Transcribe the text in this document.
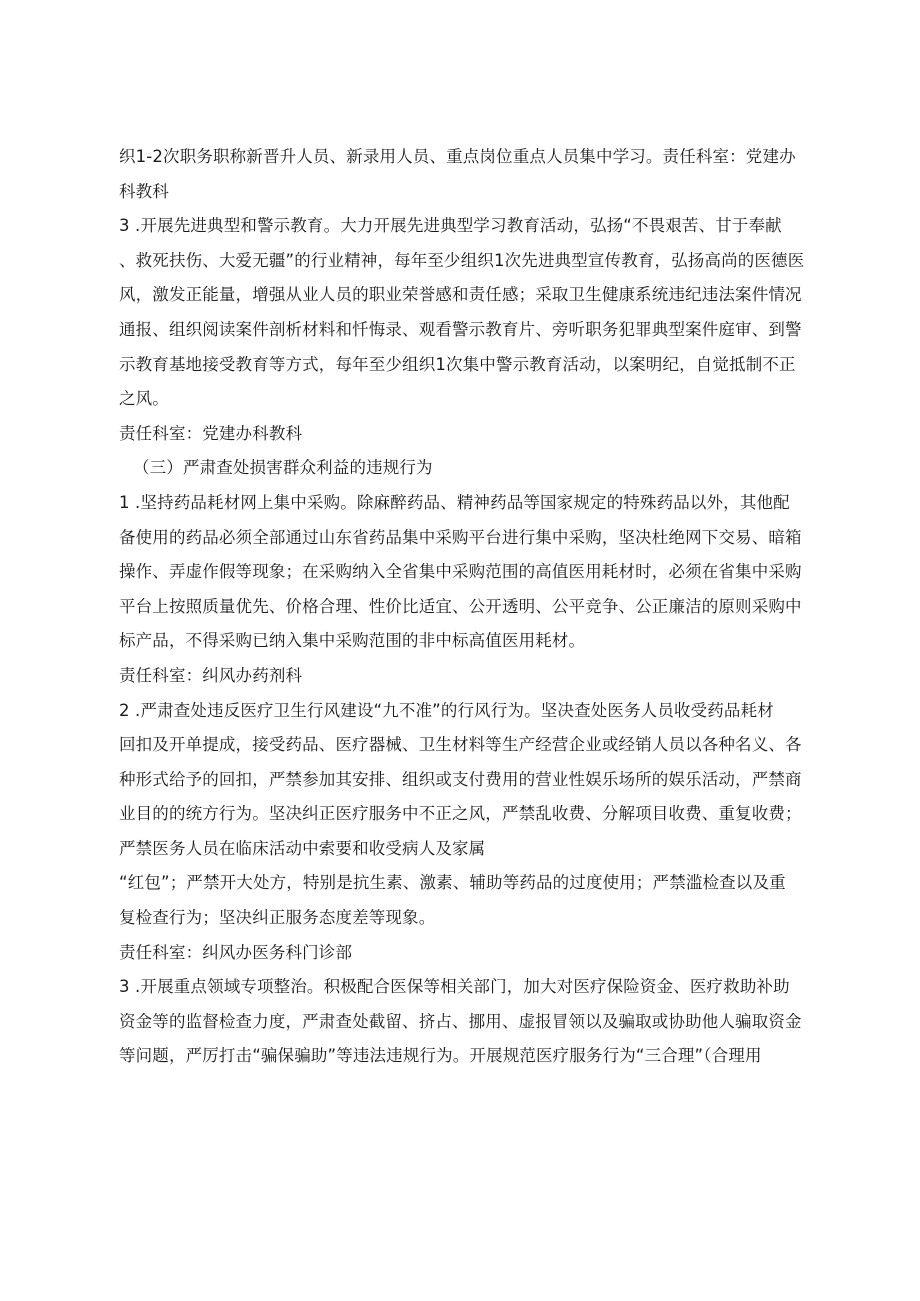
织1-2次职务职称新晋升人员、新录用人员、重点岗位重点人员集中学习。责任科室：党建办
科教科
3 .开展先进典型和警示教育。大力开展先进典型学习教育活动，弘扬“不畏艰苦、甘于奉献
、救死扶伤、大爱无疆”的行业精神，每年至少组织1次先进典型宣传教育，弘扬高尚的医德医
风，激发正能量，增强从业人员的职业荣誉感和责任感；采取卫生健康系统违纪违法案件情况
通报、组织阅读案件剖析材料和忏悔录、观看警示教育片、旁听职务犯罪典型案件庭审、到警
示教育基地接受教育等方式，每年至少组织1次集中警示教育活动，以案明纪，自觉抵制不正
之风。
责任科室：党建办科教科
（三）严肃查处损害群众利益的违规行为
1 .坚持药品耗材网上集中采购。除麻醉药品、精神药品等国家规定的特殊药品以外，其他配
备使用的药品必须全部通过山东省药品集中采购平台进行集中采购，坚决杜绝网下交易、暗箱
操作、弄虚作假等现象；在采购纳入全省集中采购范围的高值医用耗材时，必须在省集中采购
平台上按照质量优先、价格合理、性价比适宜、公开透明、公平竞争、公正廉洁的原则采购中
标产品，不得采购已纳入集中采购范围的非中标高值医用耗材。
责任科室：纠风办药剂科
2 .严肃查处违反医疗卫生行风建设“九不准”的行风行为。坚决查处医务人员收受药品耗材
回扣及开单提成，接受药品、医疗器械、卫生材料等生产经营企业或经销人员以各种名义、各
种形式给予的回扣，严禁参加其安排、组织或支付费用的营业性娱乐场所的娱乐活动，严禁商
业目的的统方行为。坚决纠正医疗服务中不正之风，严禁乱收费、分解项目收费、重复收费；
严禁医务人员在临床活动中索要和收受病人及家属
“红包”；严禁开大处方，特别是抗生素、激素、辅助等药品的过度使用；严禁滥检查以及重
复检查行为；坚决纠正服务态度差等现象。
责任科室：纠风办医务科门诊部
3 .开展重点领域专项整治。积极配合医保等相关部门，加大对医疗保险资金、医疗救助补助
资金等的监督检查力度，严肃查处截留、挤占、挪用、虚报冒领以及骗取或协助他人骗取资金
等问题，严厉打击“骗保骗助”等违法违规行为。开展规范医疗服务行为“三合理”（合理用
